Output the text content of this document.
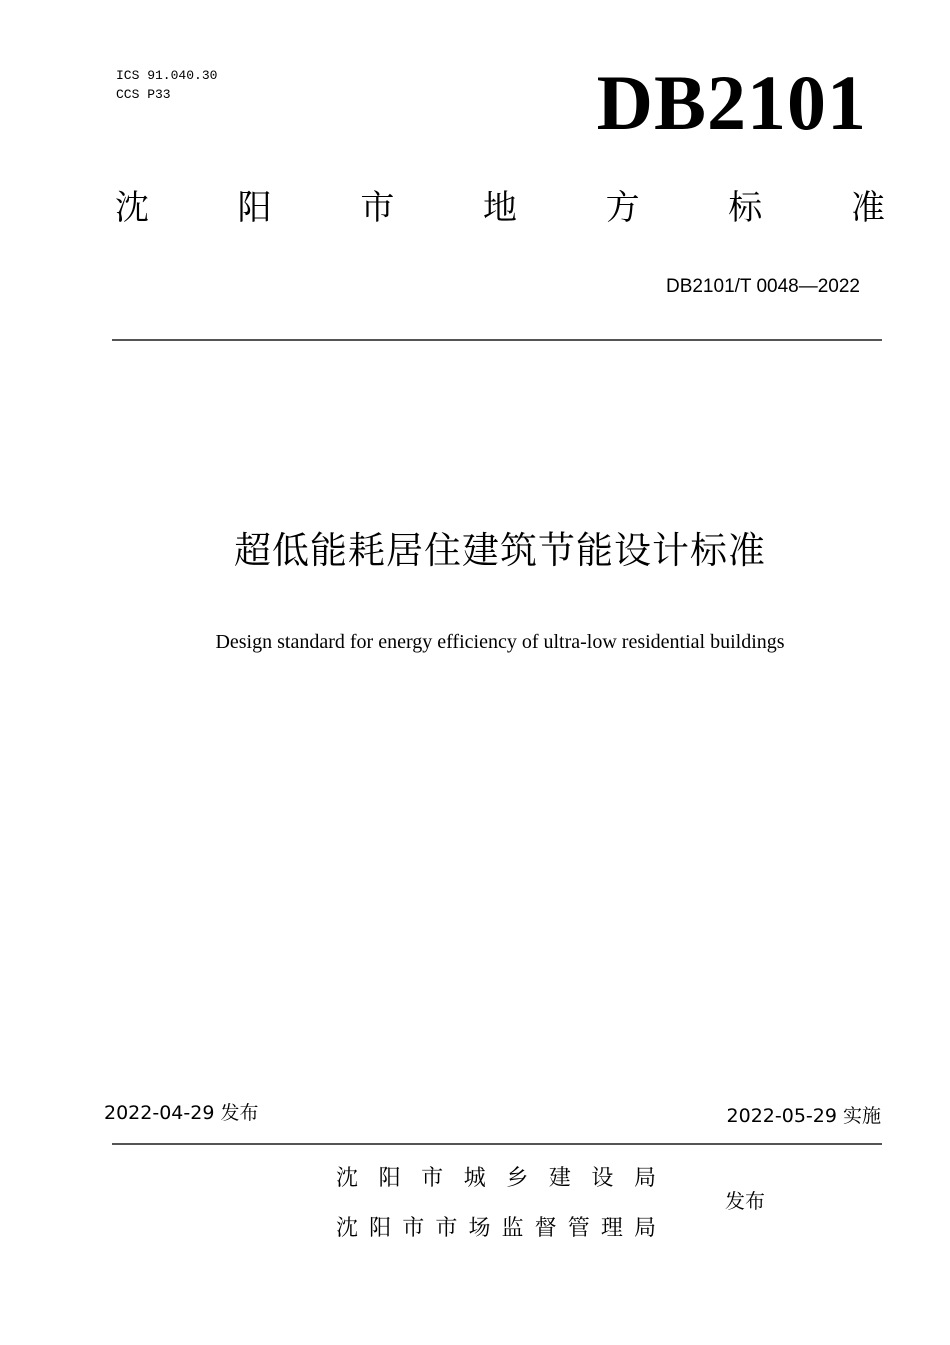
ICS 91.040.30
CCS P33	DB2101
沈	阳	市	地	方	标	准
DB2101/T 0048—2022
超低能耗居住建筑节能设计标准
Design standard for energy efficiency of ultra-low residential buildings
2022-04-29 发布	2022-05-29 实施
沈 阳 市 城 乡 建 设 局
沈 阳 市 市 场 监 督 管 理 局
发布
